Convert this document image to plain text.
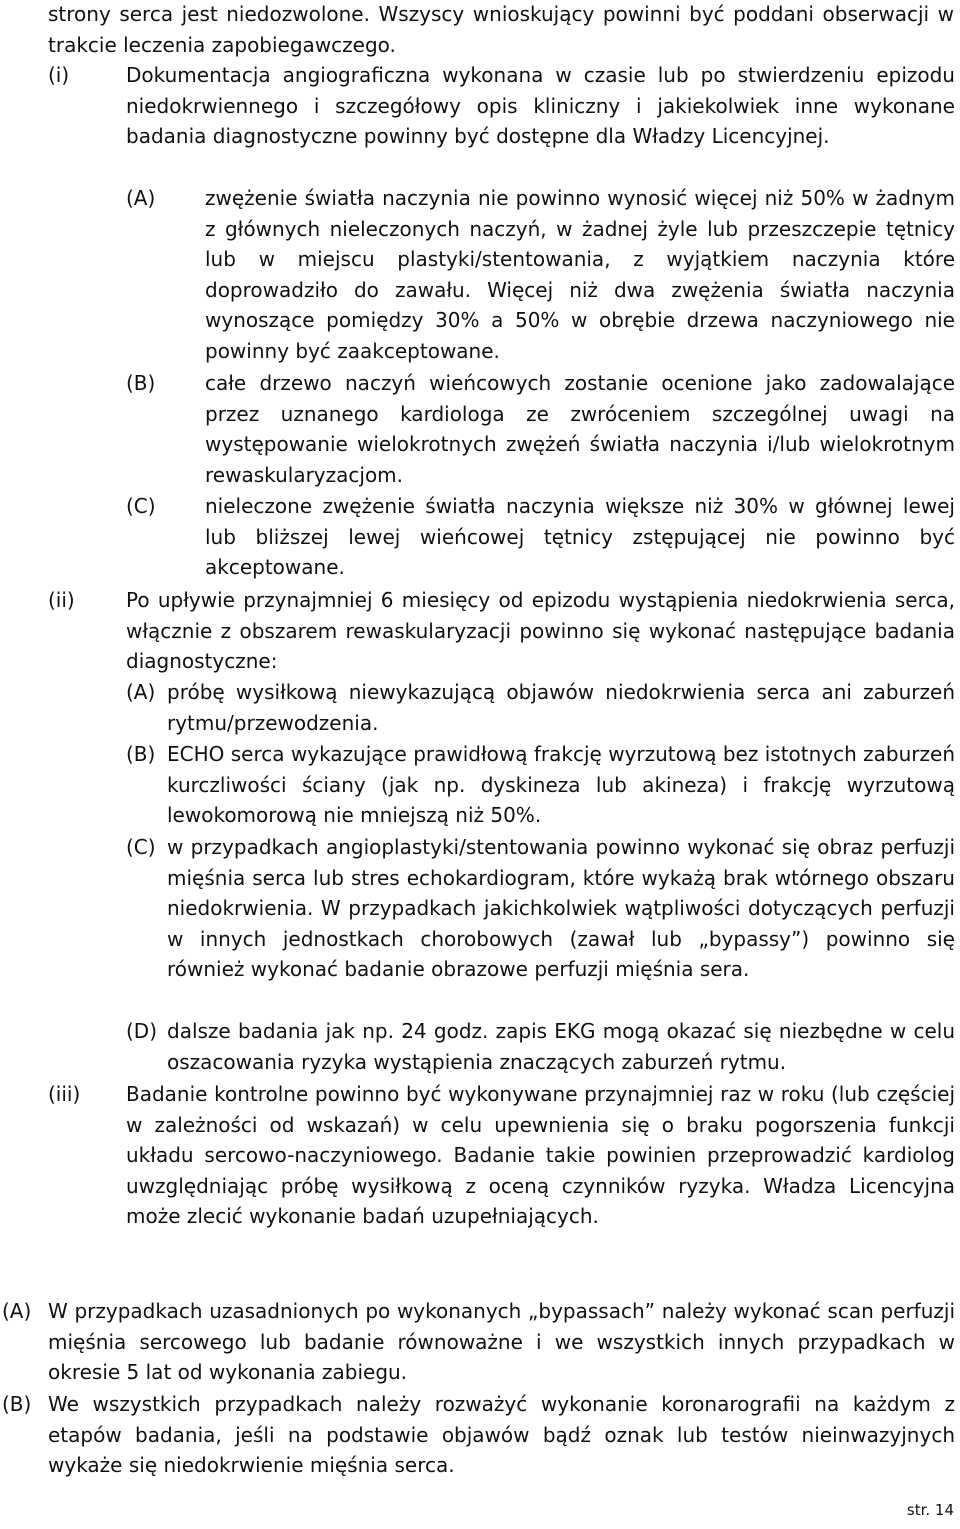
strony serca jest niedozwolone. Wszyscy wnioskujący powinni być poddani obserwacji w trakcie leczenia zapobiegawczego.
(i)	Dokumentacja angiograficzna wykonana w czasie lub po stwierdzeniu epizodu niedokrwiennego i szczegółowy opis kliniczny i jakiekolwiek inne wykonane badania diagnostyczne powinny być dostępne dla Władzy Licencyjnej.
(A) zwężenie światła naczynia nie powinno wynosić więcej niż 50% w żadnym z głównych nieleczonych naczyń, w żadnej żyle lub przeszczepie tętnicy lub w miejscu plastyki/stentowania, z wyjątkiem naczynia które doprowadziło do zawału. Więcej niż dwa zwężenia światła naczynia wynoszące pomiędzy 30% a 50% w obrębie drzewa naczyniowego nie powinny być zaakceptowane.
(B) całe drzewo naczyń wieńcowych zostanie ocenione jako zadowalające przez uznanego kardiologa ze zwróceniem szczególnej uwagi na występowanie wielokrotnych zwężeń światła naczynia i/lub wielokrotnym rewaskularyzacjom.
(C) nieleczone zwężenie światła naczynia większe niż 30% w głównej lewej lub bliższej lewej wieńcowej tętnicy zstępującej nie powinno być akceptowane.
(ii)	Po upływie przynajmniej 6 miesięcy od epizodu wystąpienia niedokrwienia serca, włącznie z obszarem rewaskularyzacji powinno się wykonać następujące badania diagnostyczne:
(A) próbę wysiłkową niewykazującą objawów niedokrwienia serca ani zaburzeń rytmu/przewodzenia.
(B) ECHO serca wykazujące prawidłową frakcję wyrzutową bez istotnych zaburzeń kurczliwości ściany (jak np. dyskineza lub akineza) i frakcję wyrzutową lewokomorową nie mniejszą niż 50%.
(C) w przypadkach angioplastyki/stentowania powinno wykonać się obraz perfuzji mięśnia serca lub stres echokardiogram, które wykażą brak wtórnego obszaru niedokrwienia. W przypadkach jakichkolwiek wątpliwości dotyczących perfuzji w innych jednostkach chorobowych (zawał lub „bypassy”) powinno się również wykonać badanie obrazowe perfuzji mięśnia sera.
(D) dalsze badania jak np. 24 godz. zapis EKG mogą okazać się niezbędne w celu oszacowania ryzyka wystąpienia znaczących zaburzeń rytmu.
(iii) Badanie kontrolne powinno być wykonywane przynajmniej raz w roku (lub częściej w zależności od wskazań) w celu upewnienia się o braku pogorszenia funkcji układu sercowo-naczyniowego. Badanie takie powinien przeprowadzić kardiolog uwzględniając próbę wysiłkową z oceną czynników ryzyka. Władza Licencyjna może zlecić wykonanie badań uzupełniających.
(A) W przypadkach uzasadnionych po wykonanych „bypassach” należy wykonać scan perfuzji mięśnia sercowego lub badanie równoważne i we wszystkich innych przypadkach w okresie 5 lat od wykonania zabiegu.
(B) We wszystkich przypadkach należy rozważyć wykonanie koronarografii na każdym z etapów badania, jeśli na podstawie objawów bądź oznak lub testów nieinwazyjnych wykaże się niedokrwienie mięśnia serca.
str. 14
